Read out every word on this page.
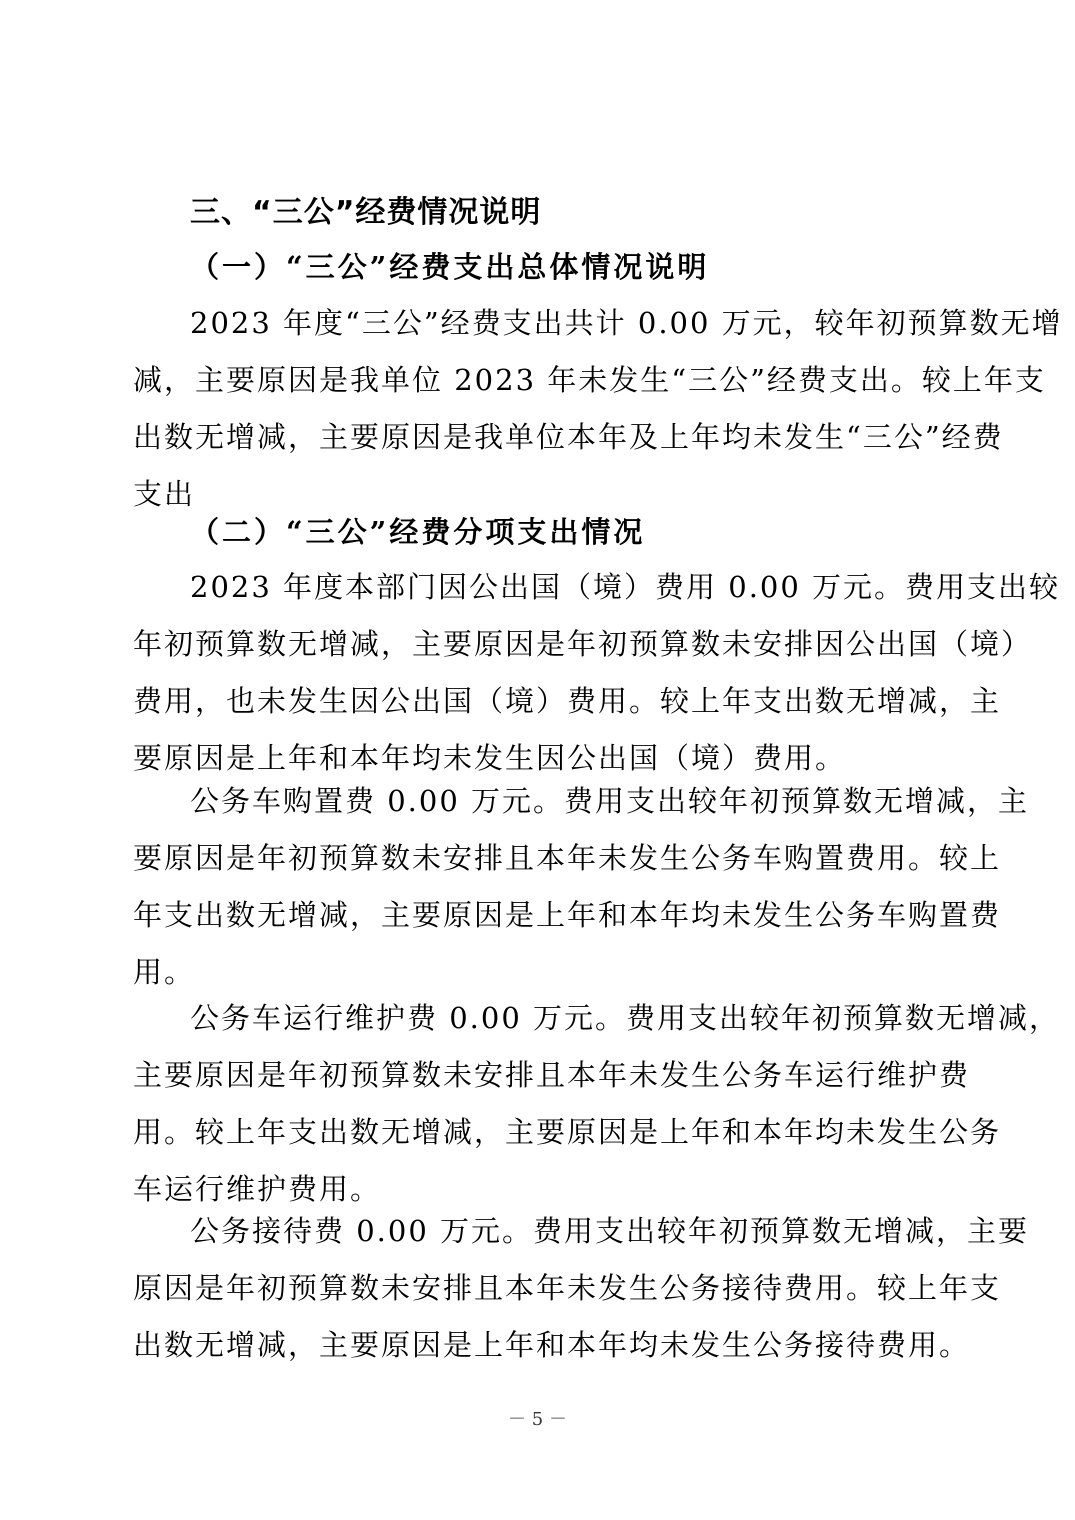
三、“三公”经费情况说明
（一）“三公”经费支出总体情况说明
2023 年度“三公”经费支出共计 0.00 万元，较年初预算数无增
减，主要原因是我单位 2023 年未发生“三公”经费支出。较上年支
出数无增减，主要原因是我单位本年及上年均未发生“三公”经费
支出
（二）“三公”经费分项支出情况
2023 年度本部门因公出国（境）费用 0.00 万元。费用支出较
年初预算数无增减，主要原因是年初预算数未安排因公出国（境）
费用，也未发生因公出国（境）费用。较上年支出数无增减，主
要原因是上年和本年均未发生因公出国（境）费用。
公务车购置费 0.00 万元。费用支出较年初预算数无增减，主
要原因是年初预算数未安排且本年未发生公务车购置费用。较上
年支出数无增减，主要原因是上年和本年均未发生公务车购置费
用。
公务车运行维护费 0.00 万元。费用支出较年初预算数无增减，
主要原因是年初预算数未安排且本年未发生公务车运行维护费
用。较上年支出数无增减，主要原因是上年和本年均未发生公务
车运行维护费用。
公务接待费 0.00 万元。费用支出较年初预算数无增减，主要
原因是年初预算数未安排且本年未发生公务接待费用。较上年支
出数无增减，主要原因是上年和本年均未发生公务接待费用。

－ 5 －
